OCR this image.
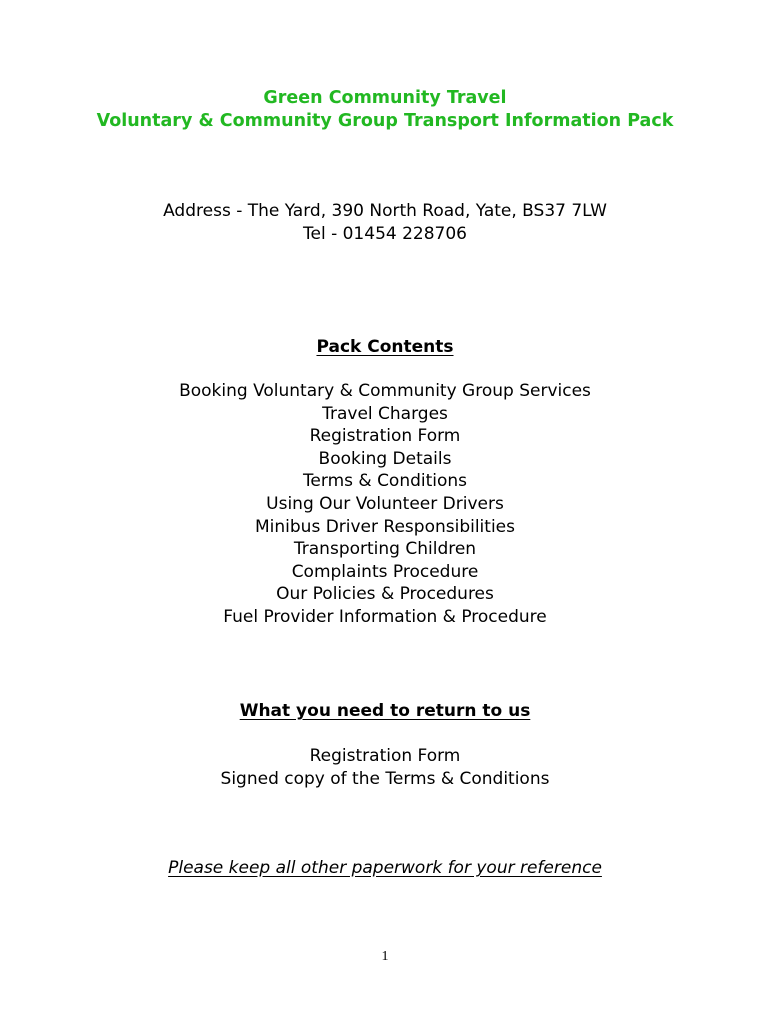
Green Community Travel
Voluntary & Community Group Transport Information Pack
Address - The Yard, 390 North Road, Yate, BS37 7LW
Tel - 01454 228706
Pack Contents
Booking Voluntary & Community Group Services
Travel Charges
Registration Form
Booking Details
Terms & Conditions
Using Our Volunteer Drivers
Minibus Driver Responsibilities
Transporting Children
Complaints Procedure
Our Policies & Procedures
Fuel Provider Information & Procedure
What you need to return to us
Registration Form
Signed copy of the Terms & Conditions
Please keep all other paperwork for your reference
1
